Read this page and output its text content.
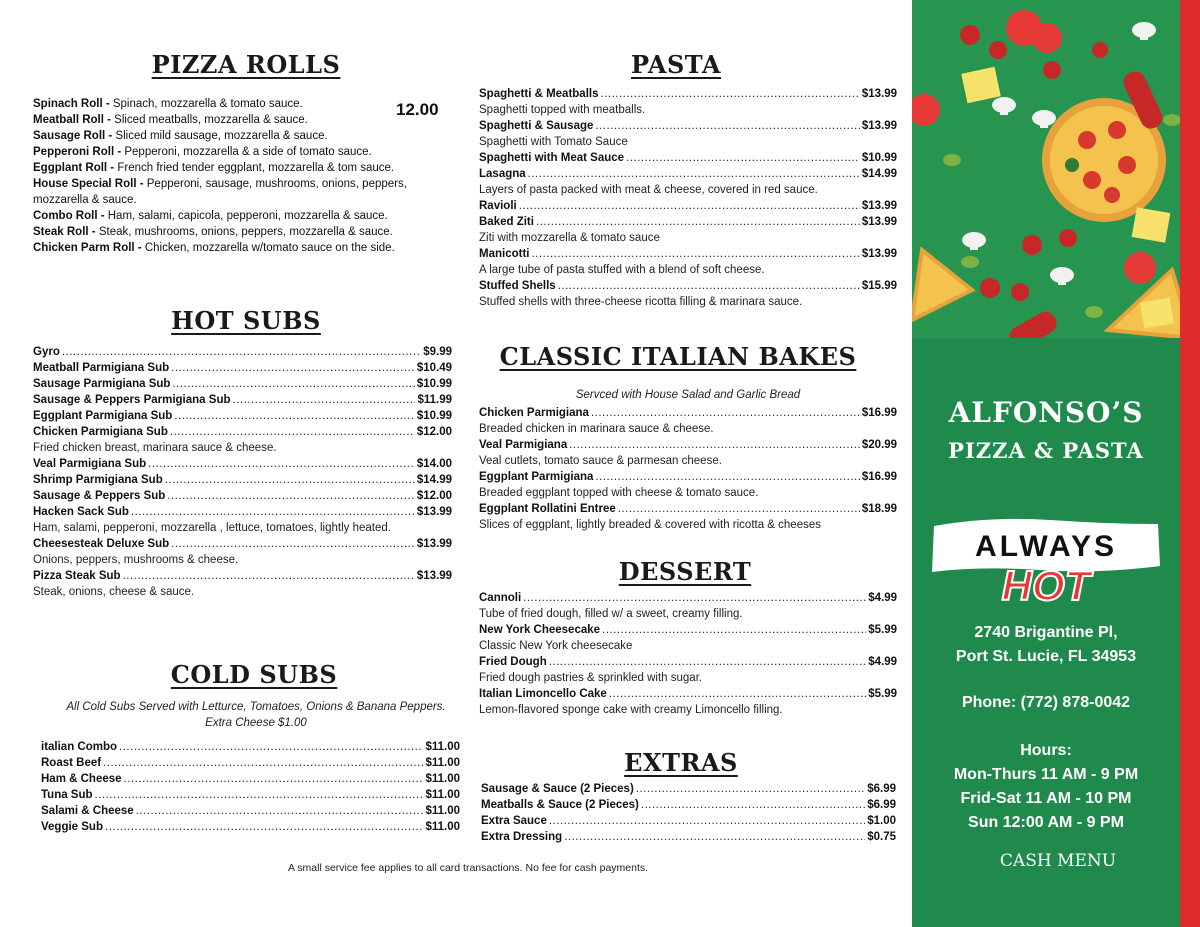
PIZZA ROLLS
Spinach Roll - Spinach, mozzarella & tomato sauce.
Meatball Roll - Sliced meatballs, mozzarella & sauce.
Sausage Roll - Sliced mild sausage, mozzarella & sauce.
Pepperoni Roll - Pepperoni, mozzarella & a side of tomato sauce.
Eggplant Roll - French fried tender eggplant, mozzarella & tom sauce.
House Special Roll - Pepperoni, sausage, mushrooms, onions, peppers, mozzarella & sauce.
Combo Roll - Ham, salami, capicola, pepperoni, mozzarella & sauce.
Steak Roll - Steak, mushrooms, onions, peppers, mozzarella & sauce.
Chicken Parm Roll - Chicken, mozzarella w/tomato sauce on the side.
12.00
HOT SUBS
Gyro .....	$9.99
Meatball Parmigiana Sub .....	$10.49
Sausage Parmigiana Sub .....	$10.99
Sausage & Peppers Parmigiana Sub .....	$11.99
Eggplant Parmigiana Sub .....	$10.99
Chicken Parmigiana Sub .....	$12.00
Fried chicken breast, marinara sauce & cheese.
Veal Parmigiana Sub .....	$14.00
Shrimp Parmigiana Sub .....	$14.99
Sausage & Peppers Sub .....	$12.00
Hacken Sack Sub .....	$13.99
Ham, salami, pepperoni, mozzarella , lettuce, tomatoes, lightly heated.
Cheesesteak Deluxe Sub .....	$13.99
Onions, peppers, mushrooms & cheese.
Pizza Steak Sub .....	$13.99
Steak, onions, cheese & sauce.
COLD SUBS
All Cold Subs Served with Letturce, Tomatoes, Onions & Banana Peppers. Extra Cheese $1.00
italian Combo .....	$11.00
Roast Beef .....	$11.00
Ham & Cheese .....	$11.00
Tuna Sub .....	$11.00
Salami & Cheese .....	$11.00
Veggie Sub .....	$11.00
PASTA
Spaghetti & Meatballs .....	$13.99
Spaghetti topped with meatballs.
Spaghetti & Sausage .....	$13.99
Spaghetti with Tomato Sauce
Spaghetti with Meat Sauce .....	$10.99
Lasagna .....	$14.99
Layers of pasta packed with meat & cheese, covered in red sauce.
Ravioli .....	$13.99
Baked Ziti .....	$13.99
Ziti with mozzarella & tomato sauce
Manicotti .....	$13.99
A large tube of pasta stuffed with a blend of soft cheese.
Stuffed Shells .....	$15.99
Stuffed shells with three-cheese ricotta filling & marinara sauce.
CLASSIC ITALIAN BAKES
Servced with House Salad and Garlic Bread
Chicken Parmigiana .....	$16.99
Breaded chicken in marinara sauce & cheese.
Veal Parmigiana .....	$20.99
Veal cutlets, tomato sauce & parmesan cheese.
Eggplant Parmigiana .....	$16.99
Breaded eggplant topped with cheese & tomato sauce.
Eggplant Rollatini Entree .....	$18.99
Slices of eggplant, lightly breaded & covered with ricotta & cheeses
DESSERT
Cannoli .....	$4.99
Tube of fried dough, filled w/ a sweet, creamy filling.
New York Cheesecake .....	$5.99
Classic New York cheesecake
Fried Dough .....	$4.99
Fried dough pastries & sprinkled with sugar.
Italian Limoncello Cake .....	$5.99
Lemon-flavored sponge cake with creamy Limoncello filling.
EXTRAS
Sausage & Sauce (2 Pieces) .....	$6.99
Meatballs & Sauce (2 Pieces) .....	$6.99
Extra Sauce .....	$1.00
Extra Dressing .....	$0.75
A small service fee applies to all card transactions. No fee for cash payments.
ALFONSO’S
PIZZA & PASTA
ALWAYS
HOT
2740 Brigantine Pl,
Port St. Lucie, FL 34953
Phone: (772) 878-0042
Hours:
Mon-Thurs 11 AM - 9 PM
Frid-Sat 11 AM - 10 PM
Sun 12:00 AM - 9 PM
CASH MENU
